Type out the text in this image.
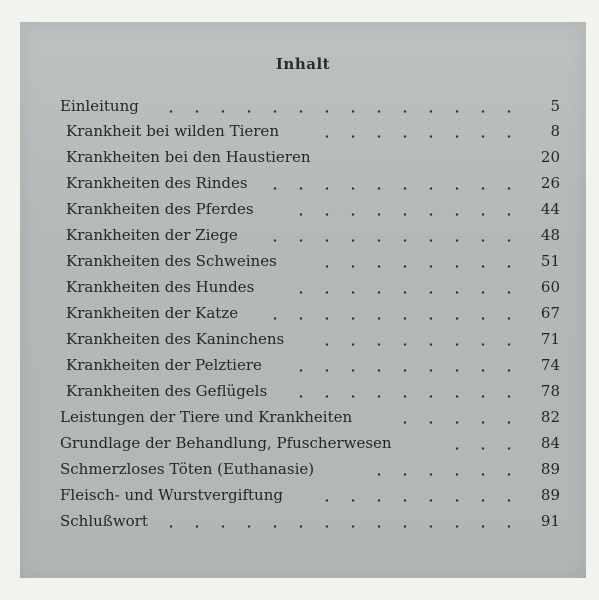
Inhalt
Einleitung	5
Krankheit bei wilden Tieren	8
Krankheiten bei den Haustieren	20
Krankheiten des Rindes	26
Krankheiten des Pferdes	44
Krankheiten der Ziege	48
Krankheiten des Schweines	51
Krankheiten des Hundes	60
Krankheiten der Katze	67
Krankheiten des Kaninchens	71
Krankheiten der Pelztiere	74
Krankheiten des Geflügels	78
Leistungen der Tiere und Krankheiten	82
Grundlage der Behandlung, Pfuscherwesen	84
Schmerzloses Töten (Euthanasie)	89
Fleisch- und Wurstvergiftung	89
Schlußwort	91
